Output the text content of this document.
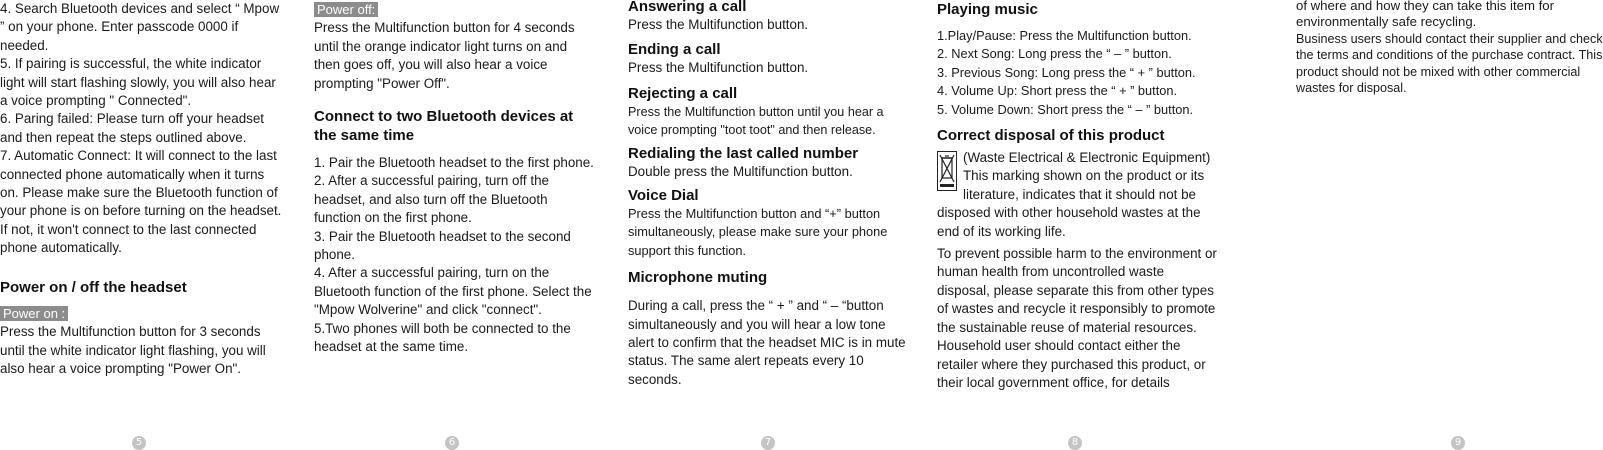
4. Search Bluetooth devices and select “ Mpow ” on your phone. Enter passcode 0000 if needed.

5. If pairing is successful, the white indicator light will start flashing slowly, you will also hear a voice prompting " Connected".

6. Paring failed: Please turn off your headset and then repeat the steps outlined above.

7. Automatic Connect: It will connect to the last connected phone automatically when it turns on. Please make sure the Bluetooth function of your phone is on before turning on the headset. If not, it won't connect to the last connected phone automatically.

Power on / off the headset
Power on :

Press the Multifunction button for 3 seconds until the white indicator light flashing, you will also hear a voice prompting "Power On".

Power off:

Press the Multifunction button for 4 seconds until the orange indicator light turns on and then goes off, you will also hear a voice prompting "Power Off".

Connect to two Bluetooth devices at the same time

1. Pair the Bluetooth headset to the first phone.

2. After a successful pairing, turn off the headset, and also turn off the Bluetooth function on the first phone.

3. Pair the Bluetooth headset to the second phone.

4. After a successful pairing, turn on the Bluetooth function of the first phone. Select the "Mpow Wolverine" and click "connect".

5.Two phones will both be connected to the headset at the same time.

Answering a call

Press the Multifunction button.

Ending a call

Press the Multifunction button.

Rejecting a call

Press the Multifunction button until you hear a voice prompting "toot toot" and then release.

Redialing the last called number

Double press the Multifunction button.

Voice Dial

Press the Multifunction button and “+” button simultaneously, please make sure your phone support this function.

Microphone muting

During a call, press the “ + ” and “ – “button simultaneously and you will hear a low tone alert to confirm that the headset MIC is in mute status. The same alert repeats every 10 seconds.

Playing music

1.Play/Pause: Press the Multifunction button.

2. Next Song: Long press the “ – ” button.

3. Previous Song: Long press the “ + ” button.

4. Volume Up: Short press the “ + ” button.

5. Volume Down: Short press the “ – ” button.

Correct disposal of this product

(Waste Electrical & Electronic Equipment) This marking shown on the product or its literature, indicates that it should not be disposed with other household wastes at the end of its working life.

To prevent possible harm to the environment or human health from uncontrolled waste disposal, please separate this from other types of wastes and recycle it responsibly to promote the sustainable reuse of material resources.

Household user should contact either the retailer where they purchased this product, or their local government office, for details

of where and how they can take this item for environmentally safe recycling.

Business users should contact their supplier and check the terms and conditions of the purchase contract. This product should not be mixed with other commercial wastes for disposal.

5	6	7	8	9
